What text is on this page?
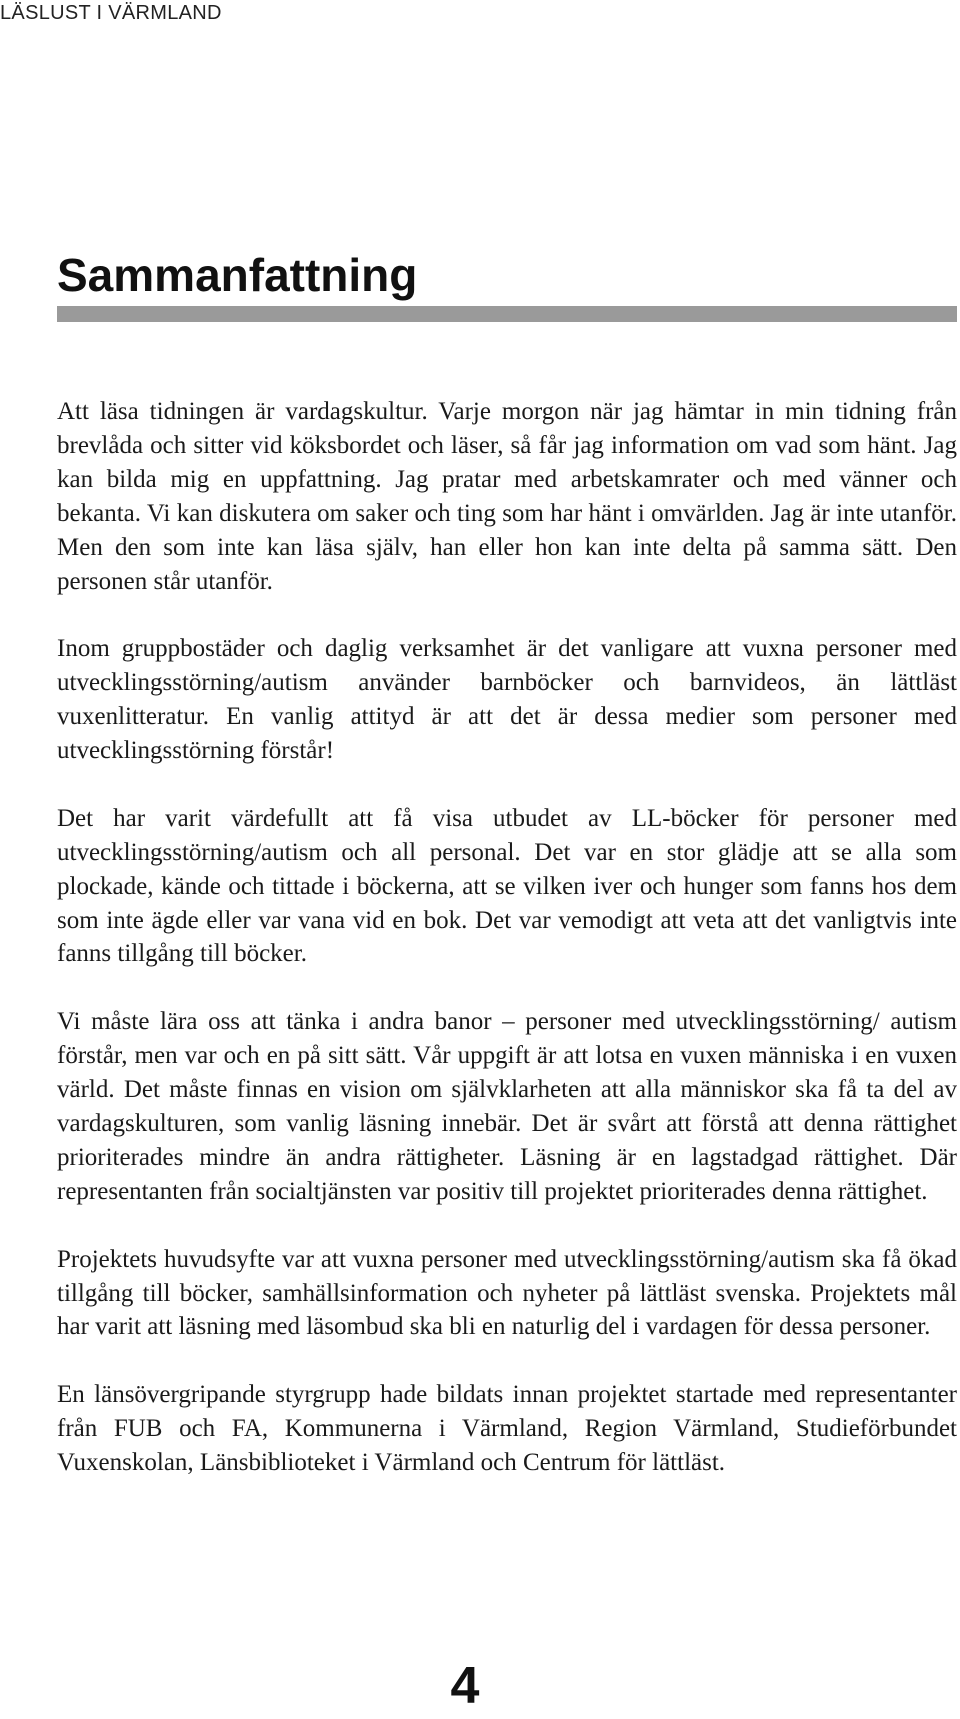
LÄSLUST I VÄRMLAND
Sammanfattning

Att läsa tidningen är vardagskultur. Varje morgon när jag hämtar in min tidning från brevlåda och sitter vid köksbordet och läser, så får jag information om vad som hänt. Jag kan bilda mig en uppfattning. Jag pratar med arbetskamrater och med vänner och bekanta. Vi kan diskutera om saker och ting som har hänt i omvärlden. Jag är inte utanför. Men den som inte kan läsa själv, han eller hon kan inte delta på samma sätt. Den personen står utanför.

Inom gruppbostäder och daglig verksamhet är det vanligare att vuxna personer med utvecklingsstörning/autism använder barnböcker och barnvideos, än lättläst vuxenlitteratur. En vanlig attityd är att det är dessa medier som personer med utvecklingsstörning förstår!

Det har varit värdefullt att få visa utbudet av LL-böcker för personer med utvecklingsstörning/autism och all personal. Det var en stor glädje att se alla som plockade, kände och tittade i böckerna, att se vilken iver och hunger som fanns hos dem som inte ägde eller var vana vid en bok. Det var vemodigt att veta att det vanligtvis inte fanns tillgång till böcker.

Vi måste lära oss att tänka i andra banor – personer med utvecklingsstörning/ autism förstår, men var och en på sitt sätt. Vår uppgift är att lotsa en vuxen människa i en vuxen värld. Det måste finnas en vision om självklarheten att alla människor ska få ta del av vardagskulturen, som vanlig läsning innebär. Det är svårt att förstå att denna rättighet prioriterades mindre än andra rättigheter. Läsning är en lagstadgad rättighet. Där representanten från socialtjänsten var positiv till projektet prioriterades denna rättighet.

Projektets huvudsyfte var att vuxna personer med utvecklingsstörning/autism ska få ökad tillgång till böcker, samhällsinformation och nyheter på lättläst svenska. Projektets mål har varit att läsning med läsombud ska bli en naturlig del i vardagen för dessa personer.

En länsövergripande styrgrupp hade bildats innan projektet startade med representanter från FUB och FA, Kommunerna i Värmland, Region Värmland, Studieförbundet Vuxenskolan, Länsbiblioteket i Värmland och Centrum för lättläst.

4
